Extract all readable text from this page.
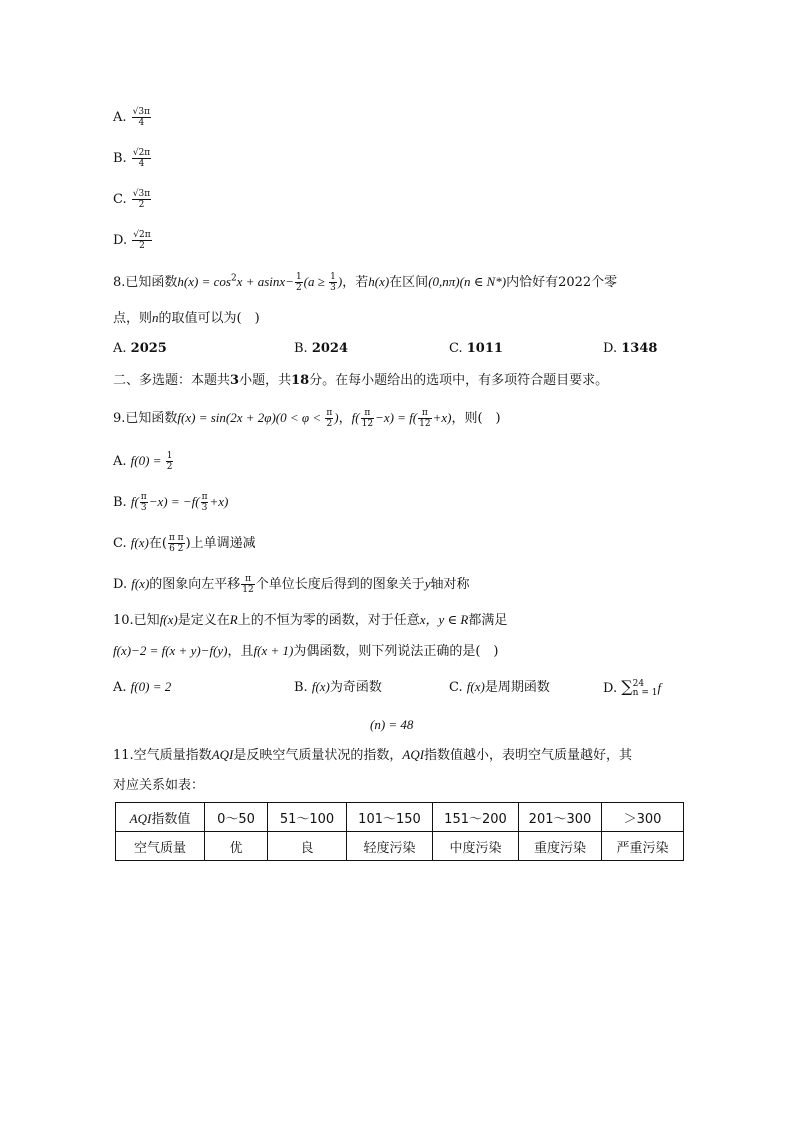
A. $\frac{√3\pi}{4}$
B. $\frac{√2\pi}{4}$
C. $\frac{√3\pi}{2}$
D. $\frac{√2\pi}{2}$
8.已知函数$h(x) = \cos^2x + asinx- \frac{1}{2} (a \ge \frac{1}{3}$ )，若h(x)在区间(0,nπ)(n ∈ N*)内恰好有2022个零
点，则n的取值可以为(　)
A. 2025	B. 2024	C. 1011	D. 1348
二、多选题：本题共3小题，共18分。在每小题给出的选项中，有多项符合题目要求。
9.已知函数$f(x) = \sin(2x + 2\varphi)(0 < \varphi < \frac{\pi}{2}$ )，$f( \frac{\pi}{12} -x) = f( \frac{\pi}{12} +x)$，则(　)
A. $f(0) = \frac{1}{2}$
B. $f( \frac{\pi}{3} -x) = -f( \frac{\pi}{3} +x)$
C. f(x)在( $\frac{\text{π π}}{6 2}$ )上单调递减
D. f(x)的图象向左平移 $\frac{\pi}{12}$ 个单位长度后得到的图象关于y轴对称
10.已知f(x)是定义在R上的不恒为零的函数，对于任意x，y ∈ R都满足
f(x)−2 = f(x + y)−f(y)，且f(x + 1)为偶函数，则下列说法正确的是(　)
A. f(0) = 2	B. f(x)为奇函数	C. f(x)是周期函数	D. ∑ 24
n = 1 f
(n) = 48
11.空气质量指数AQI是反映空气质量状况的指数，AQI指数值越小，表明空气质量越好，其
对应关系如表：
AQI指数值	0～50	51～100	101～150	151～200	201～300	＞300
空气质量	优	良	轻度污染	中度污染	重度污染	严重污染
